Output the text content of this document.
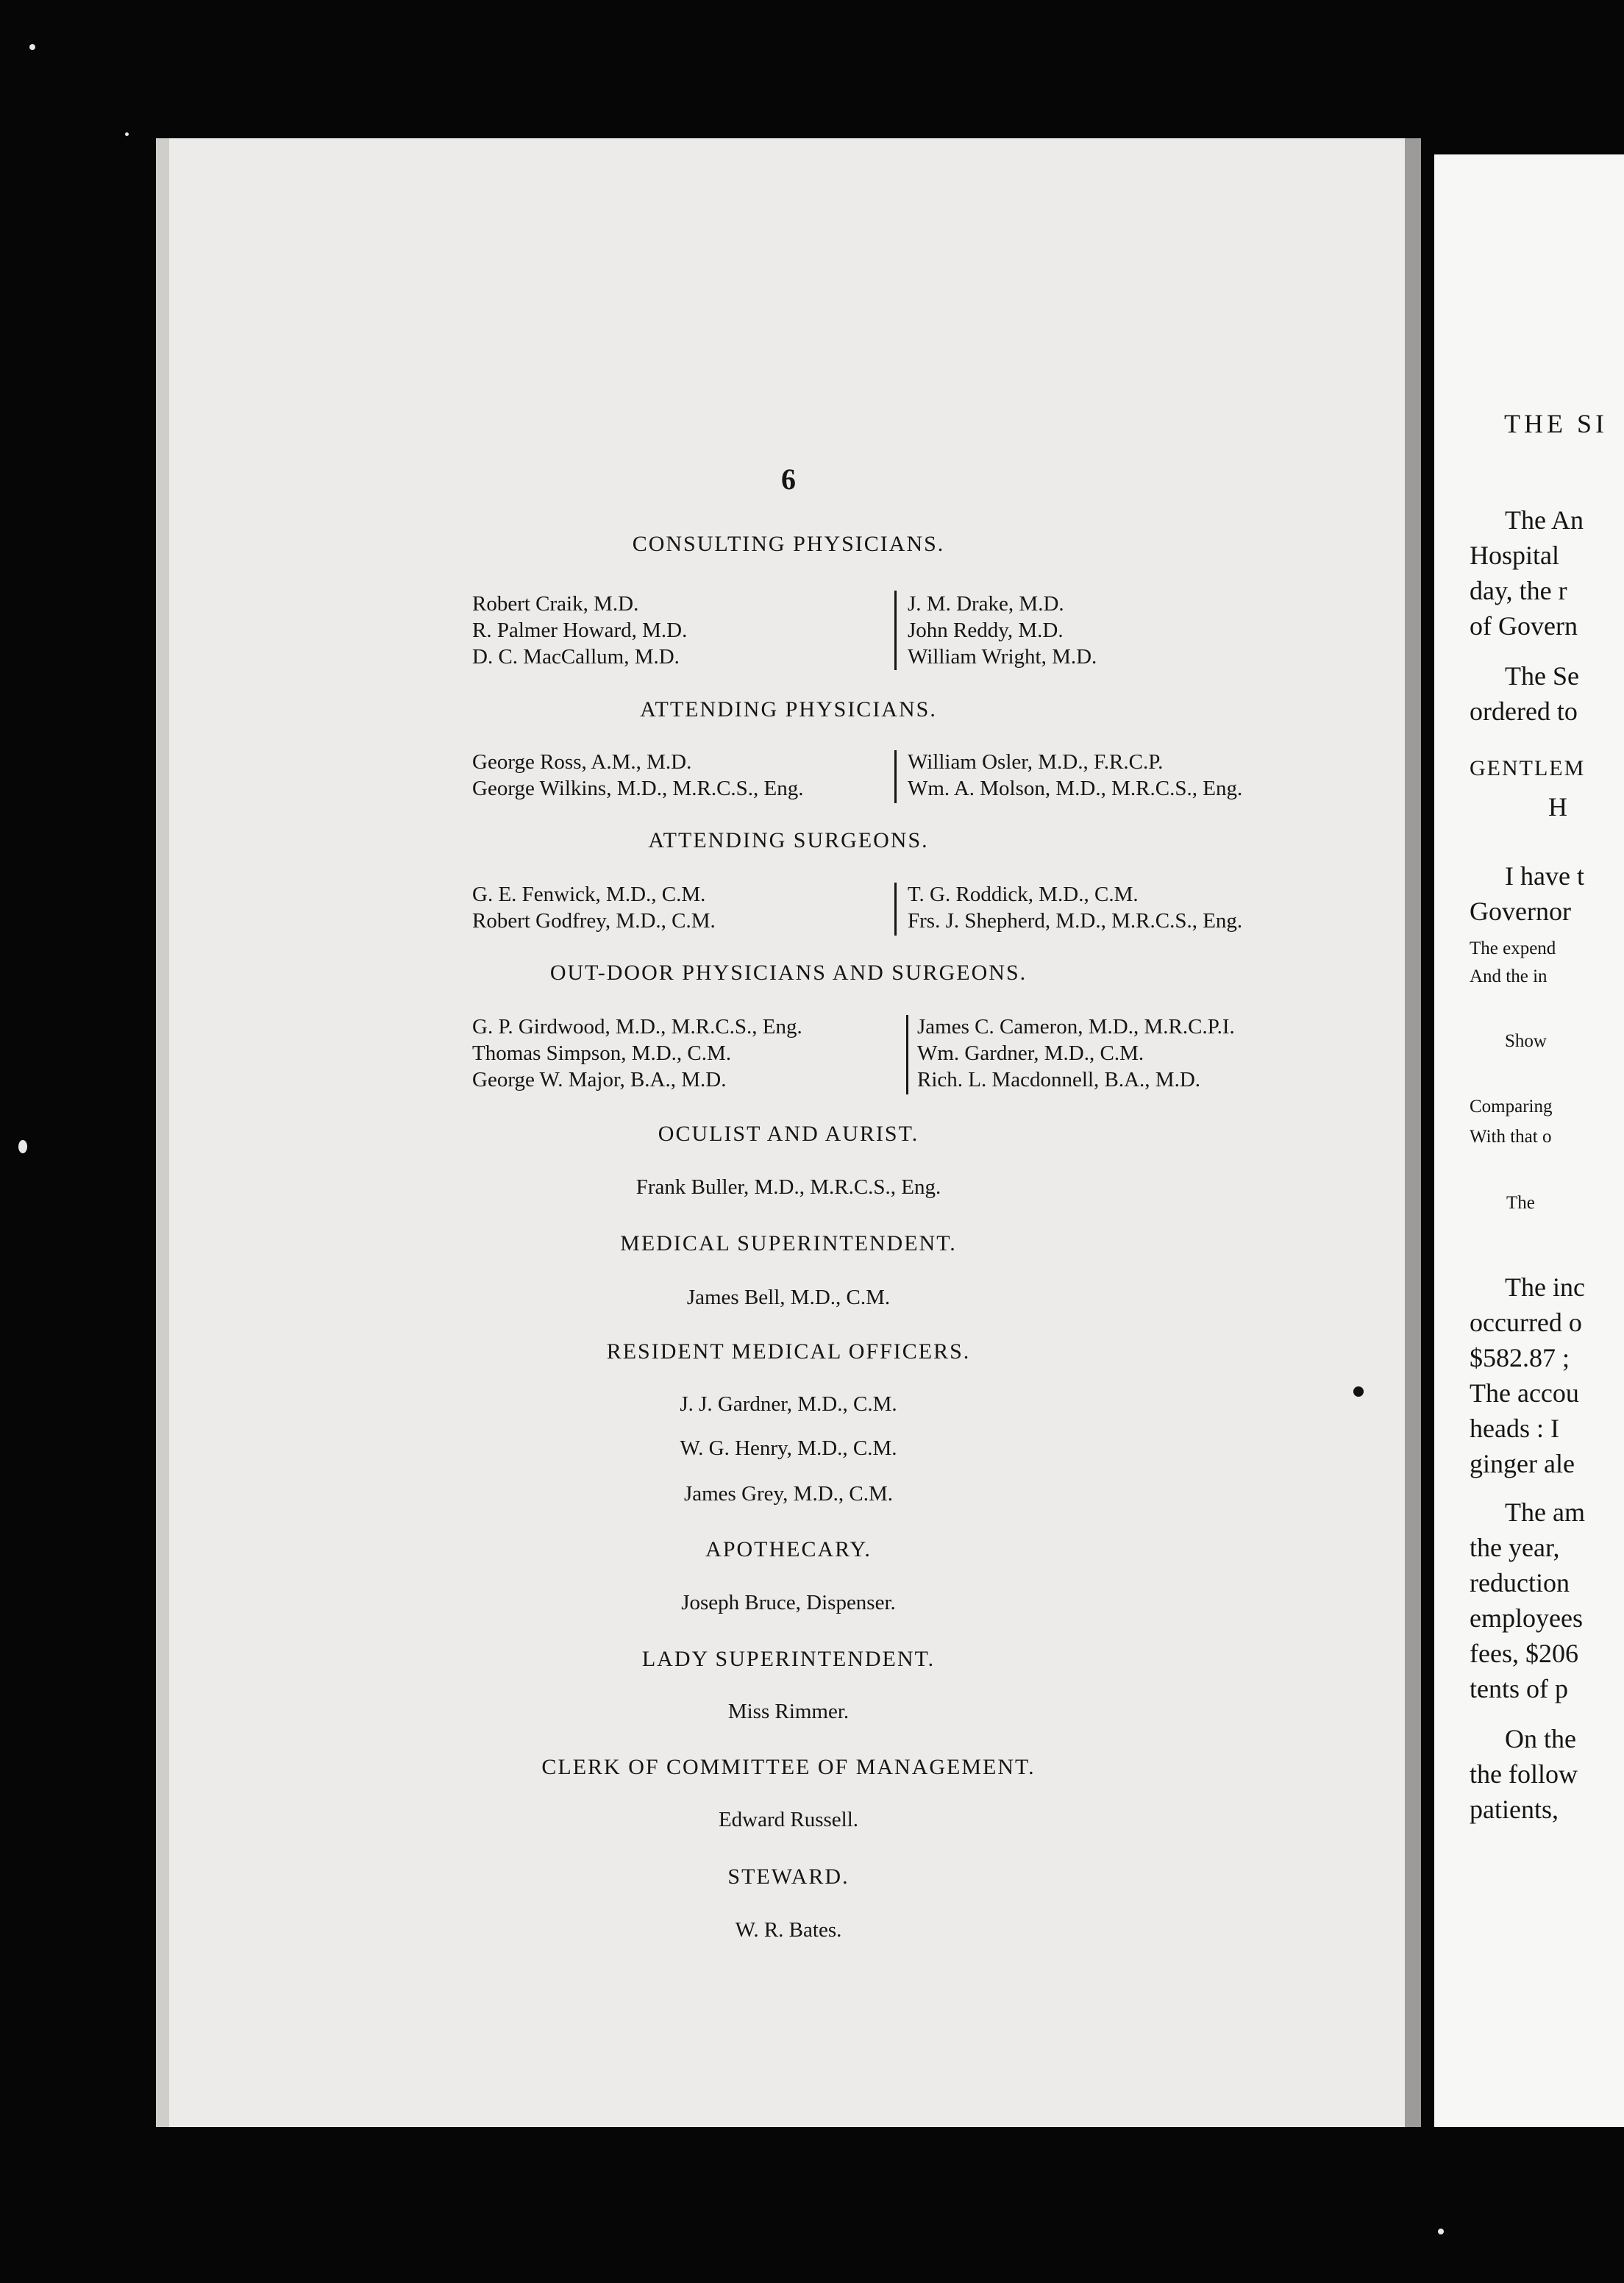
6
CONSULTING PHYSICIANS.
Robert Craik, M.D.
R. Palmer Howard, M.D.
D. C. MacCallum, M.D.
J. M. Drake, M.D.
John Reddy, M.D.
William Wright, M.D.
ATTENDING PHYSICIANS.
George Ross, A.M., M.D.
George Wilkins, M.D., M.R.C.S., Eng.
William Osler, M.D., F.R.C.P.
Wm. A. Molson, M.D., M.R.C.S., Eng.
ATTENDING SURGEONS.
G. E. Fenwick, M.D., C.M.
Robert Godfrey, M.D., C.M.
T. G. Roddick, M.D., C.M.
Frs. J. Shepherd, M.D., M.R.C.S., Eng.
OUT-DOOR PHYSICIANS AND SURGEONS.
G. P. Girdwood, M.D., M.R.C.S., Eng.
Thomas Simpson, M.D., C.M.
George W. Major, B.A., M.D.
James C. Cameron, M.D., M.R.C.P.I.
Wm. Gardner, M.D., C.M.
Rich. L. Macdonnell, B.A., M.D.
OCULIST AND AURIST.
Frank Buller, M.D., M.R.C.S., Eng.
MEDICAL SUPERINTENDENT.
James Bell, M.D., C.M.
RESIDENT MEDICAL OFFICERS.
J. J. Gardner, M.D., C.M.
W. G. Henry, M.D., C.M.
James Grey, M.D., C.M.
APOTHECARY.
Joseph Bruce, Dispenser.
LADY SUPERINTENDENT.
Miss Rimmer.
CLERK OF COMMITTEE OF MANAGEMENT.
Edward Russell.
STEWARD.
W. R. Bates.
THE SI
The An
Hospital
day, the r
of Govern
The Se
ordered to
GENTLEM
H
I have t
Governor
The expend
And the in
Show
Comparing
With that o
The
The inc
occurred o
$582.87 ;
The accou
heads : I
ginger ale
The am
the year,
reduction
employees
fees, $206
tents of p
On the
the follow
patients,
